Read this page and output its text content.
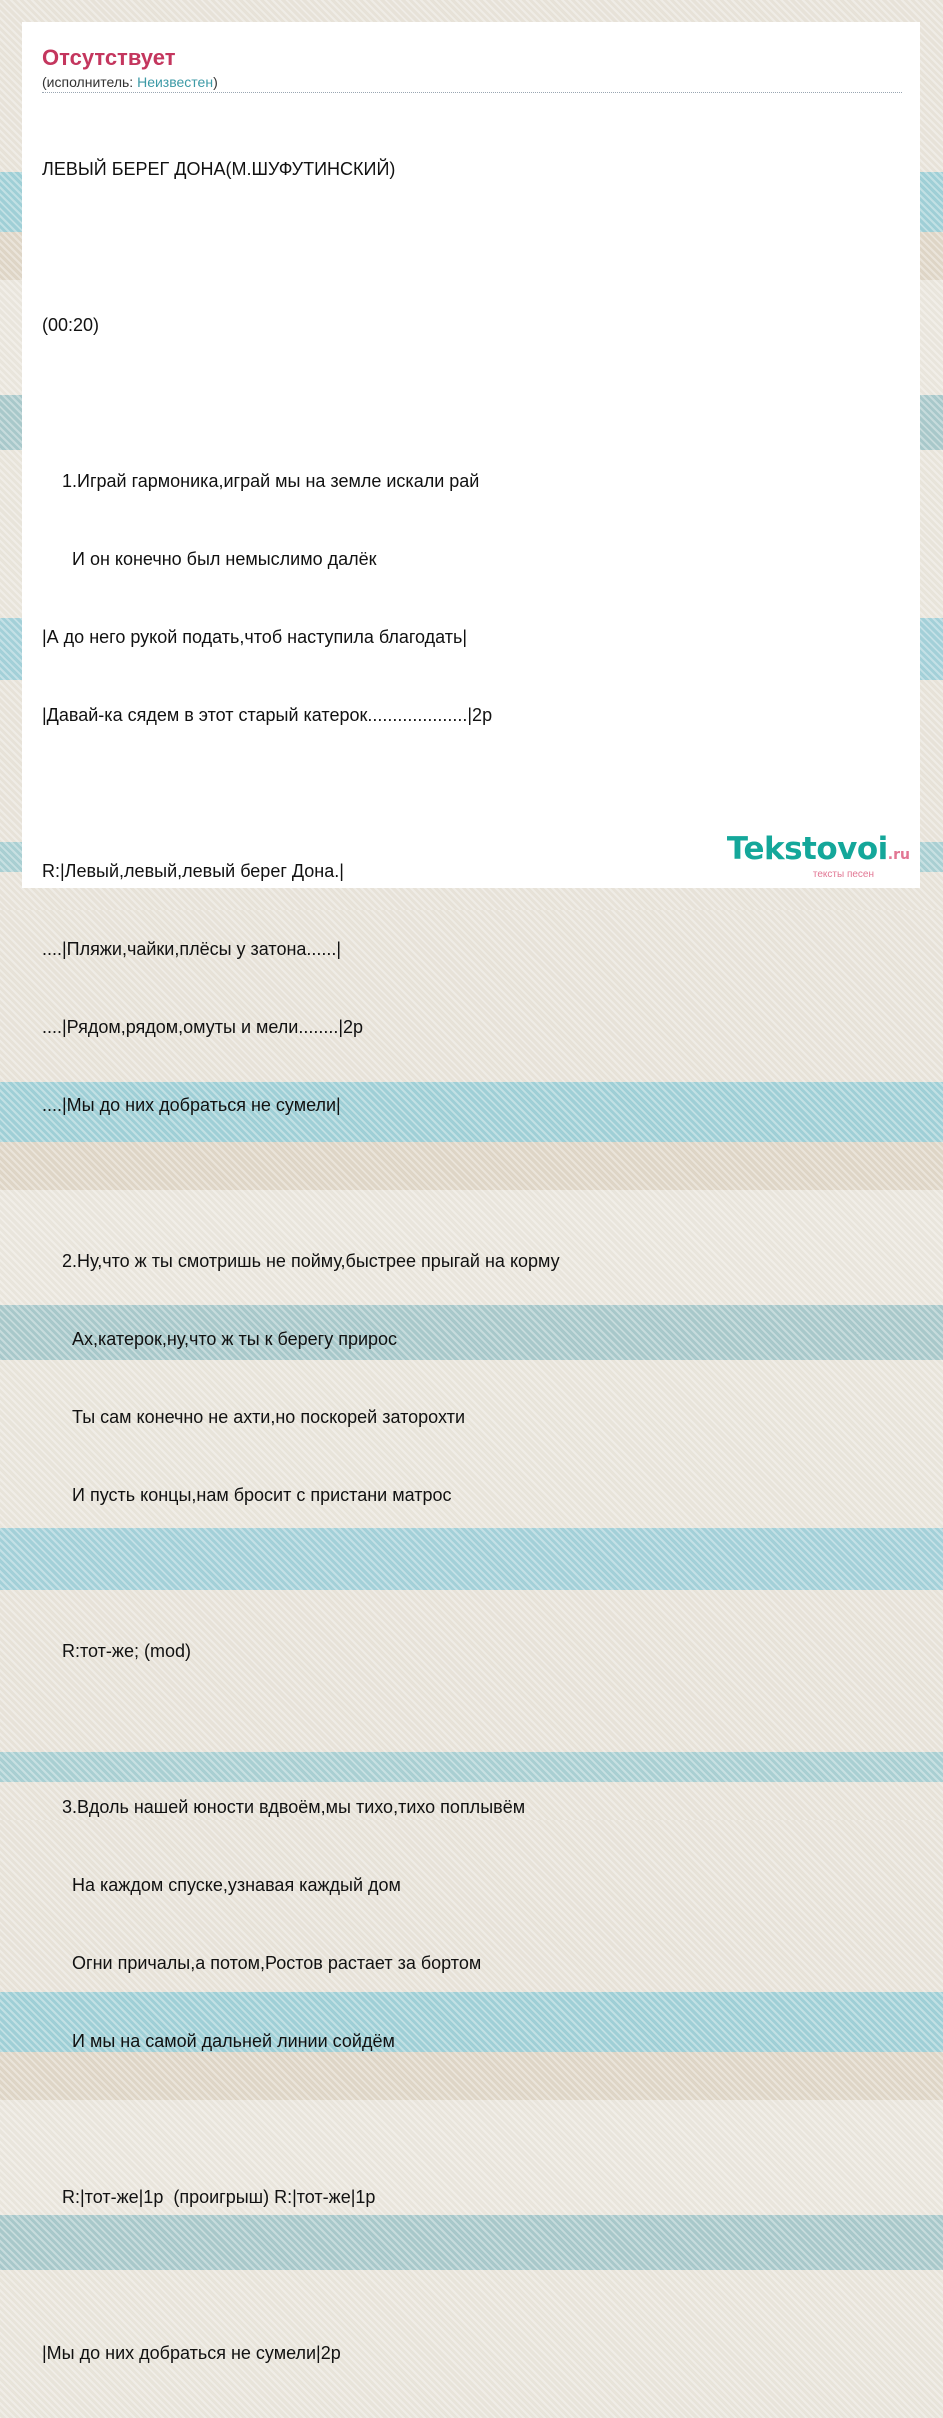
Отсутствует
(исполнитель: Неизвестен)

ЛЕВЫЙ БЕРЕГ ДОНА(М.ШУФУТИНСКИЙ)

(00:20)

1.Играй гармоника,играй мы на земле искали рай

И он конечно был немыслимо далёк

|А до него рукой подать,чтоб наступила благодать|

|Давай-ка сядем в этот старый катерок....................|2р

R:|Левый,левый,левый берег Дона.|

....|Пляжи,чайки,плёсы у затона......|

....|Рядом,рядом,омуты и мели........|2р

....|Мы до них добраться не сумели|

2.Ну,что ж ты смотришь не пойму,быстрее прыгай на корму

Ах,катерок,ну,что ж ты к берегу прирос

Ты сам конечно не ахти,но поскорей заторохти

И пусть концы,нам бросит с пристани матрос

R:тот-же; (mod)

3.Вдоль нашей юности вдвоём,мы тихо,тихо поплывём

На каждом спуске,узнавая каждый дом

Огни причалы,а потом,Ростов растает за бортом

И мы на самой дальней линии сойдём

R:|тот-же|1р  (проигрыш) R:|тот-же|1р

|Мы до них добраться не сумели|2р

Tekstovoi.ru
тексты песен
